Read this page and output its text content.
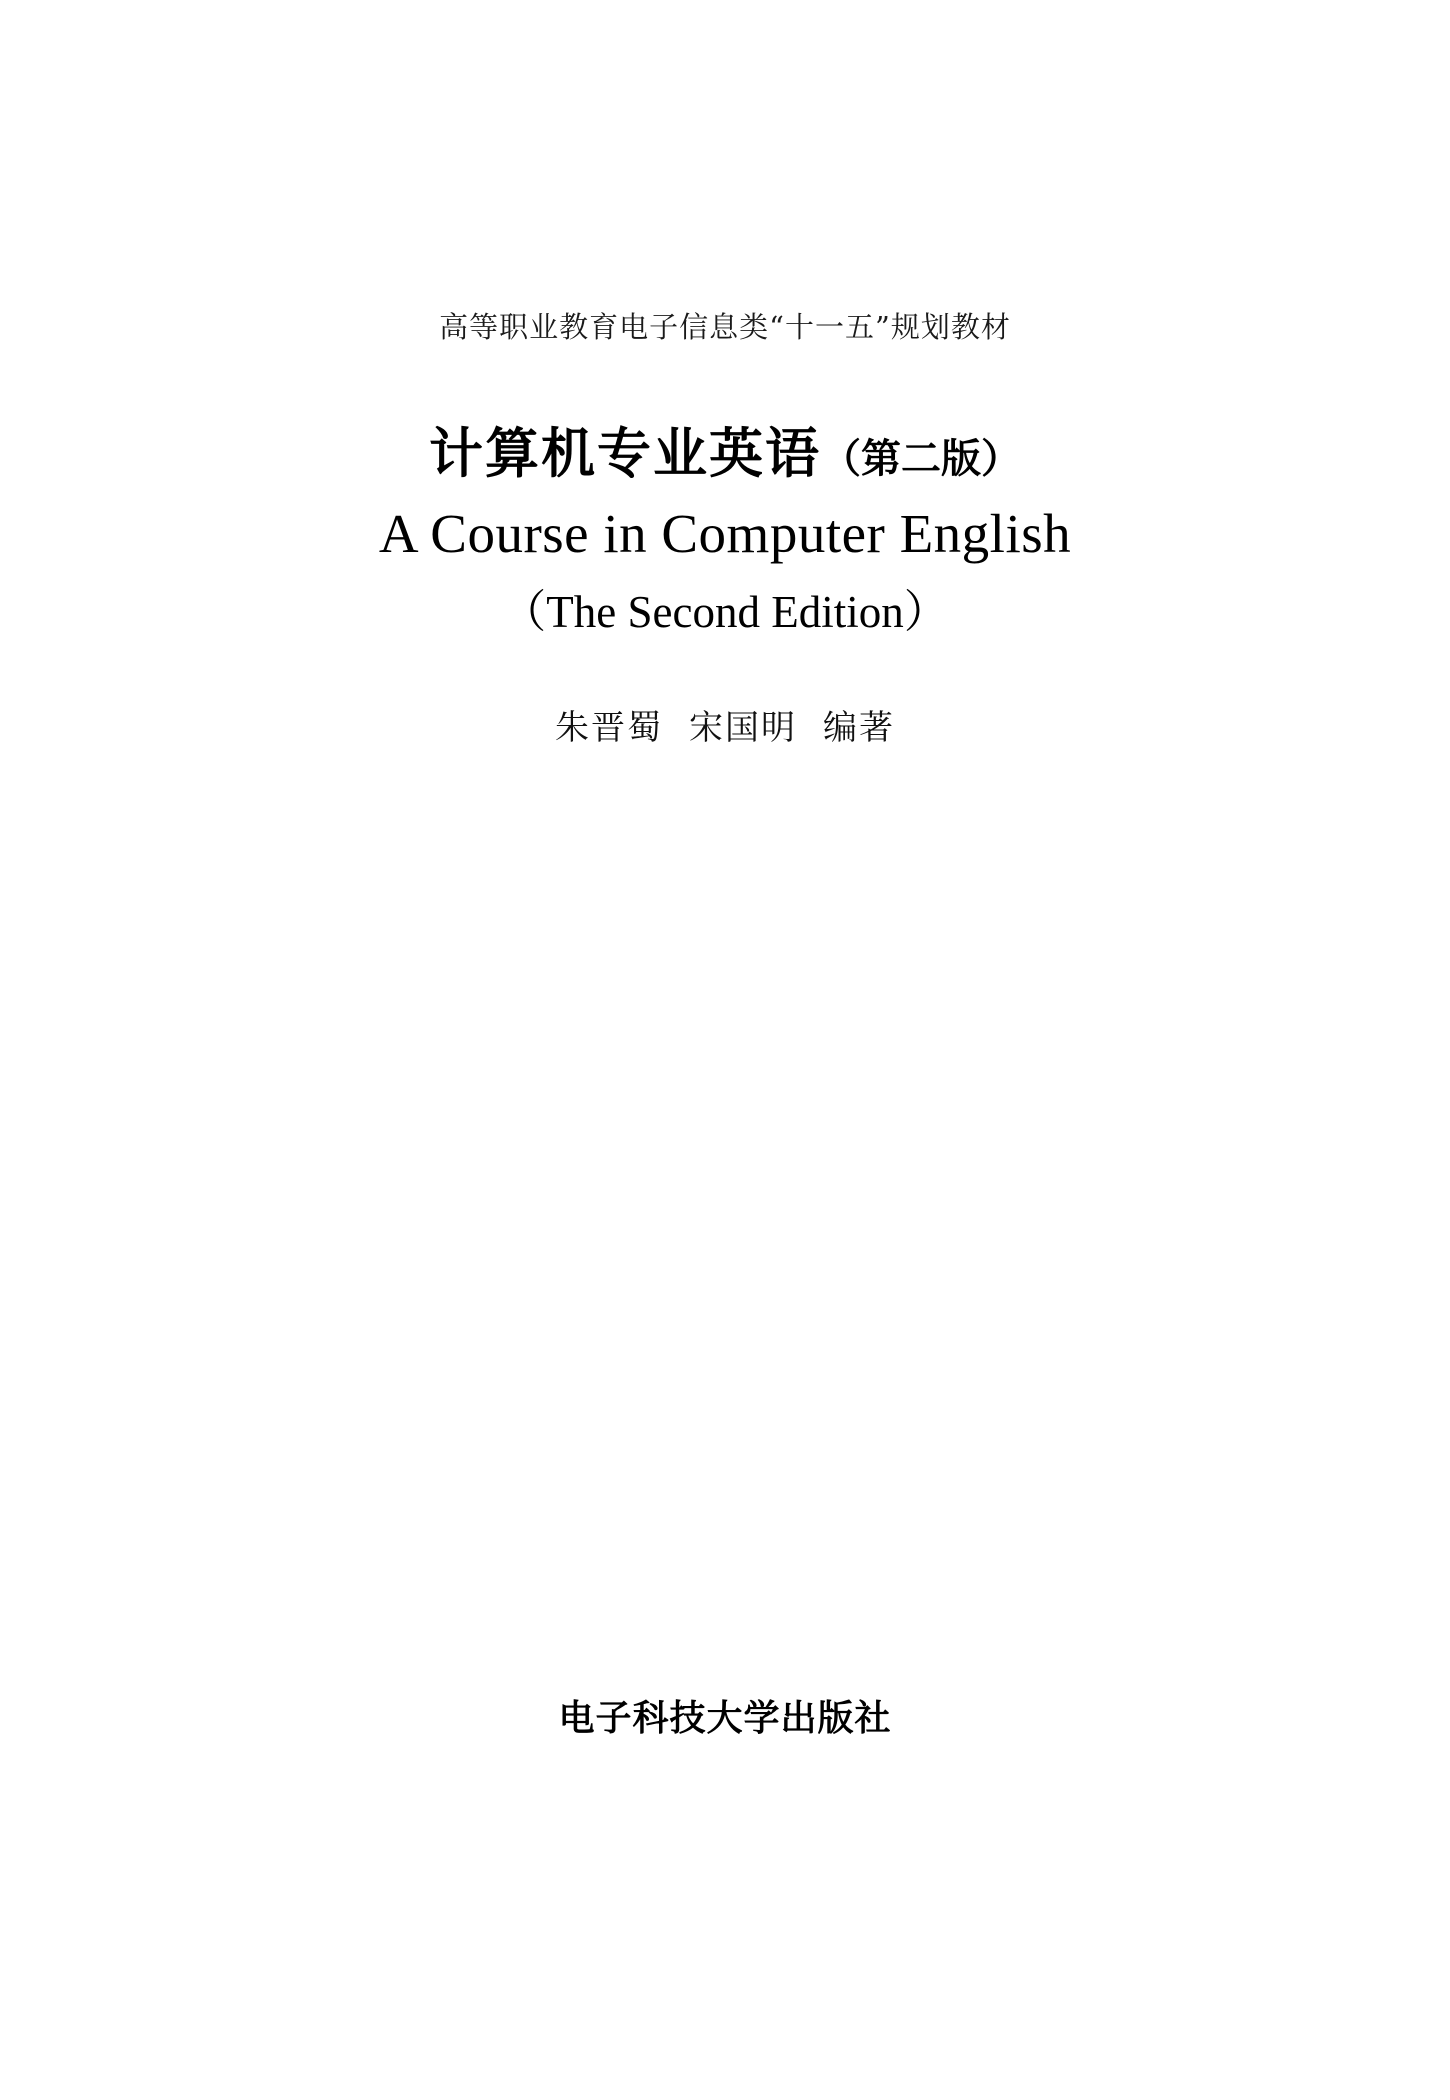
高等职业教育电子信息类“十一五”规划教材
计算机专业英语（第二版）
A Course in Computer English
（The Second Edition）
朱晋蜀 宋国明 编著
电子科技大学出版社
